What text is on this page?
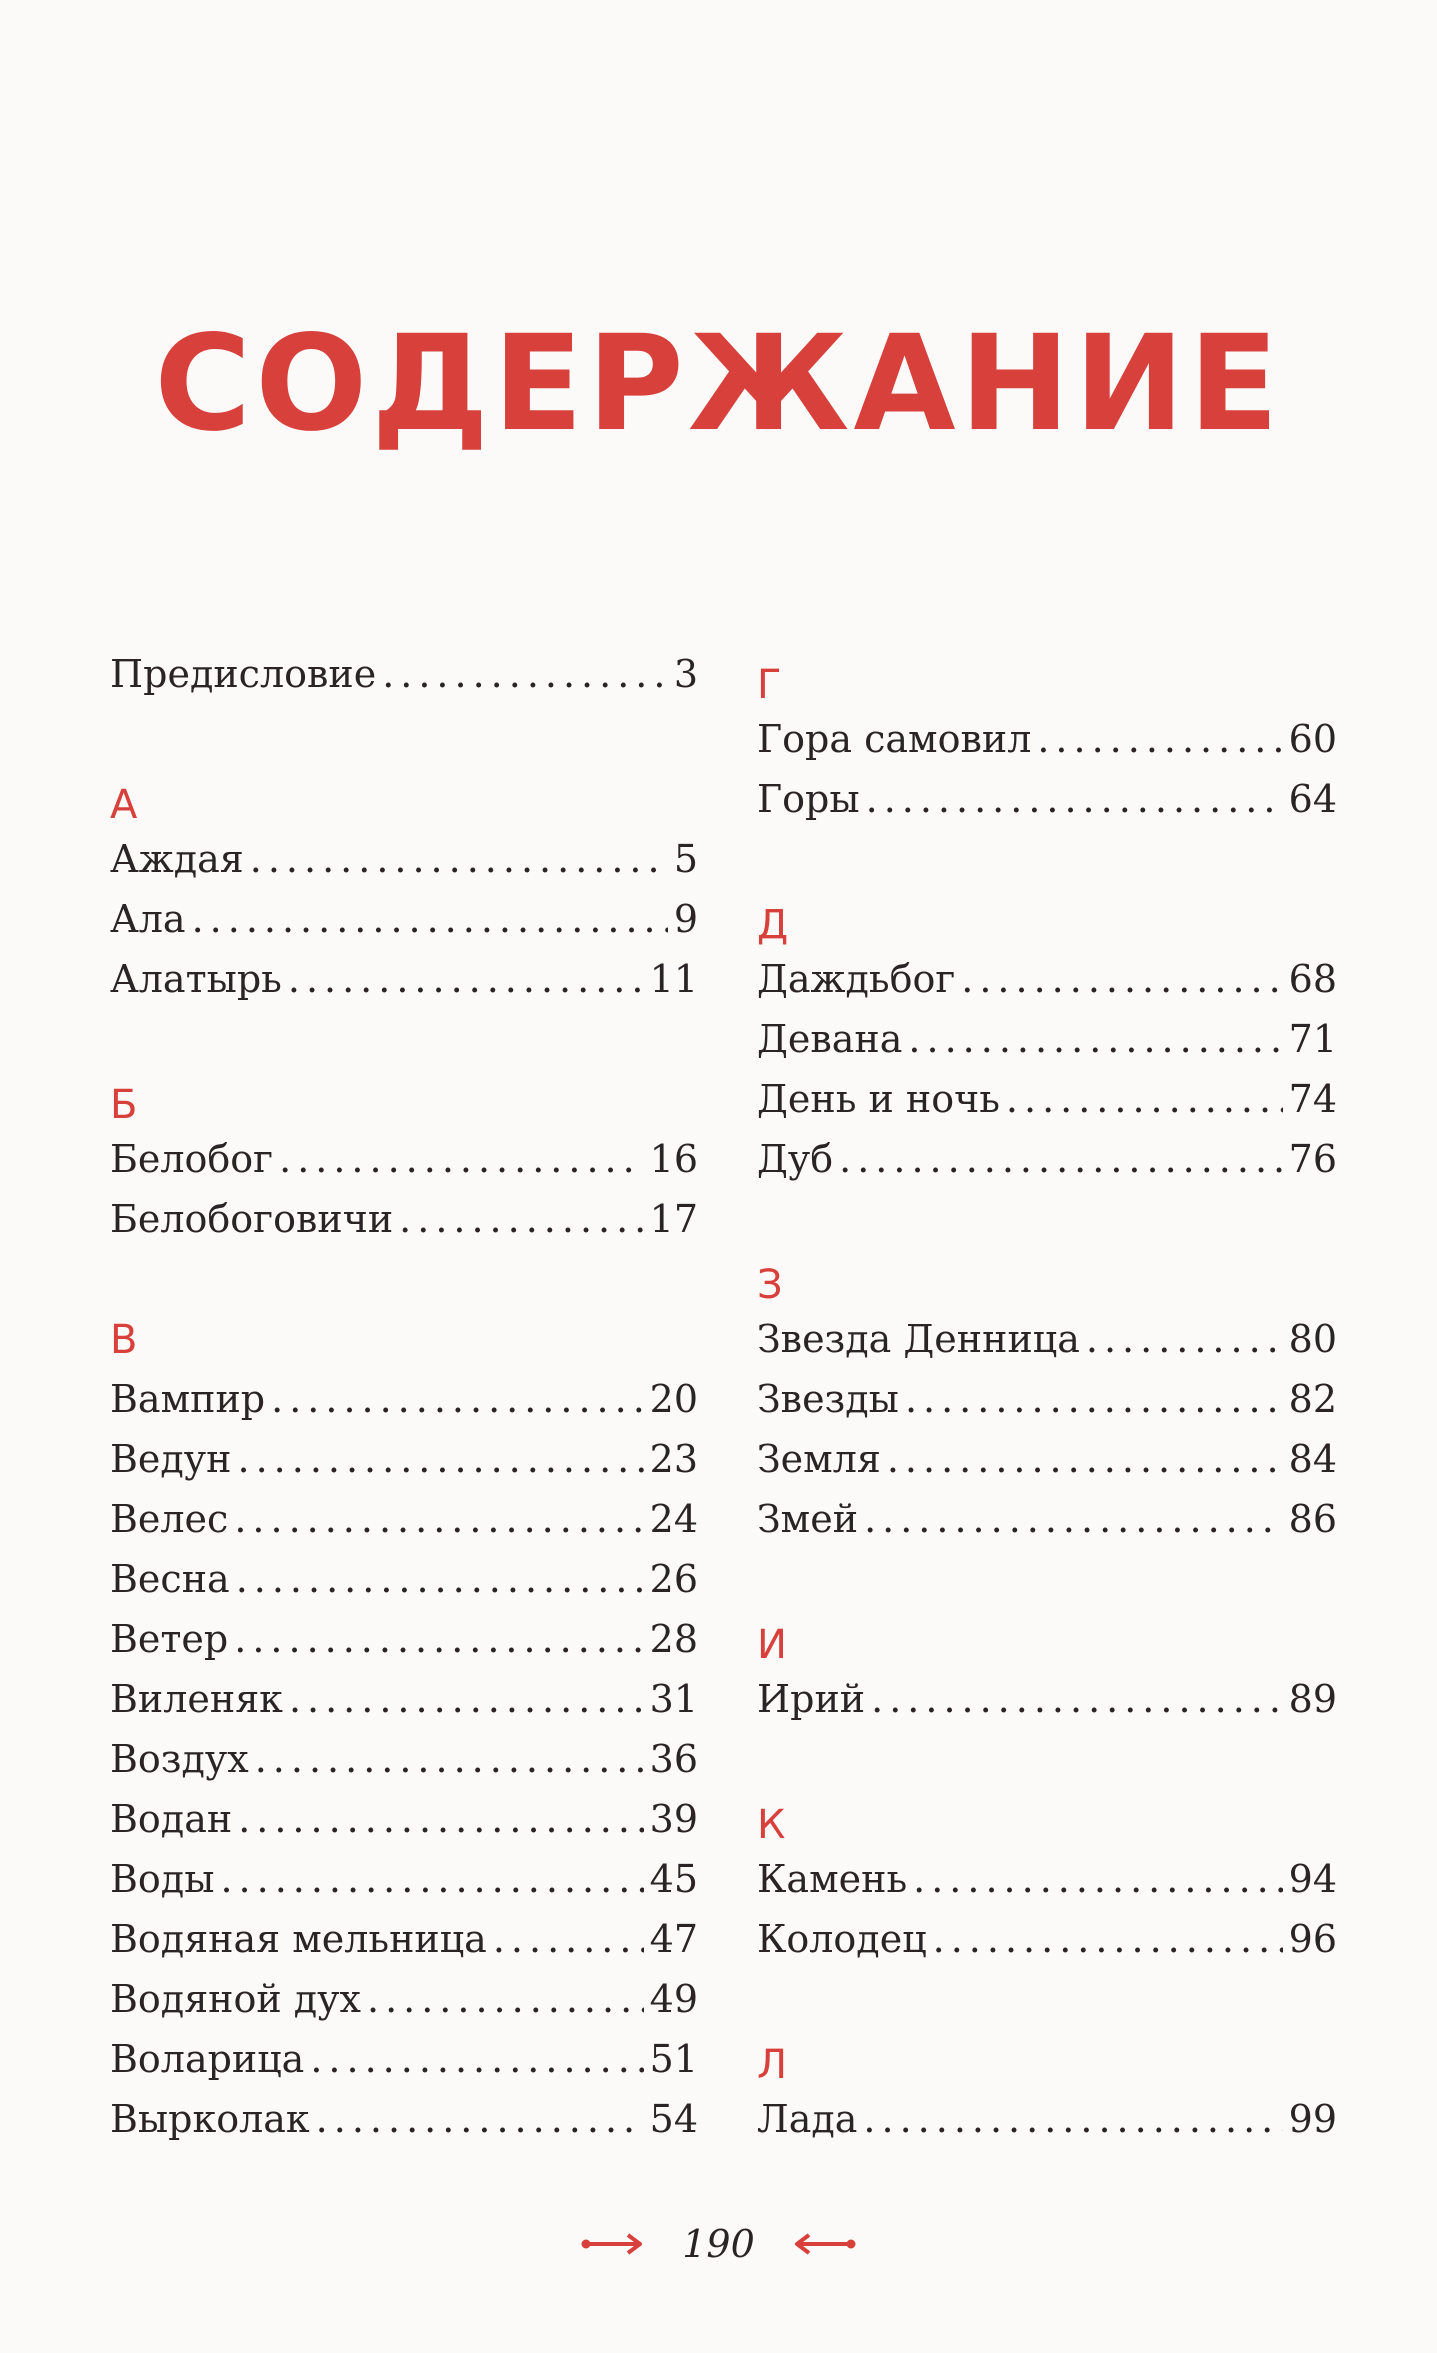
СОДЕРЖАНИЕ
Предисловие .....	3
А
Аждая .....	5
Ала .....	9
Алатырь .....	11
Б
Белобог .....	16
Белобоговичи .....	17
В
Вампир .....	20
Ведун .....	23
Велес .....	24
Весна .....	26
Ветер .....	28
Виленяк .....	31
Воздух .....	36
Водан .....	39
Воды .....	45
Водяная мельница .....	47
Водяной дух .....	49
Воларица .....	51
Выркoлак .....	54
Г
Гора самовил .....	60
Горы .....	64
Д
Даждьбог .....	68
Девана .....	71
День и ночь .....	74
Дуб .....	76
З
Звезда Денница .....	80
Звезды .....	82
Земля .....	84
Змей .....	86
И
Ирий .....	89
К
Камень .....	94
Колодец .....	96
Л
Лада .....	99
190
